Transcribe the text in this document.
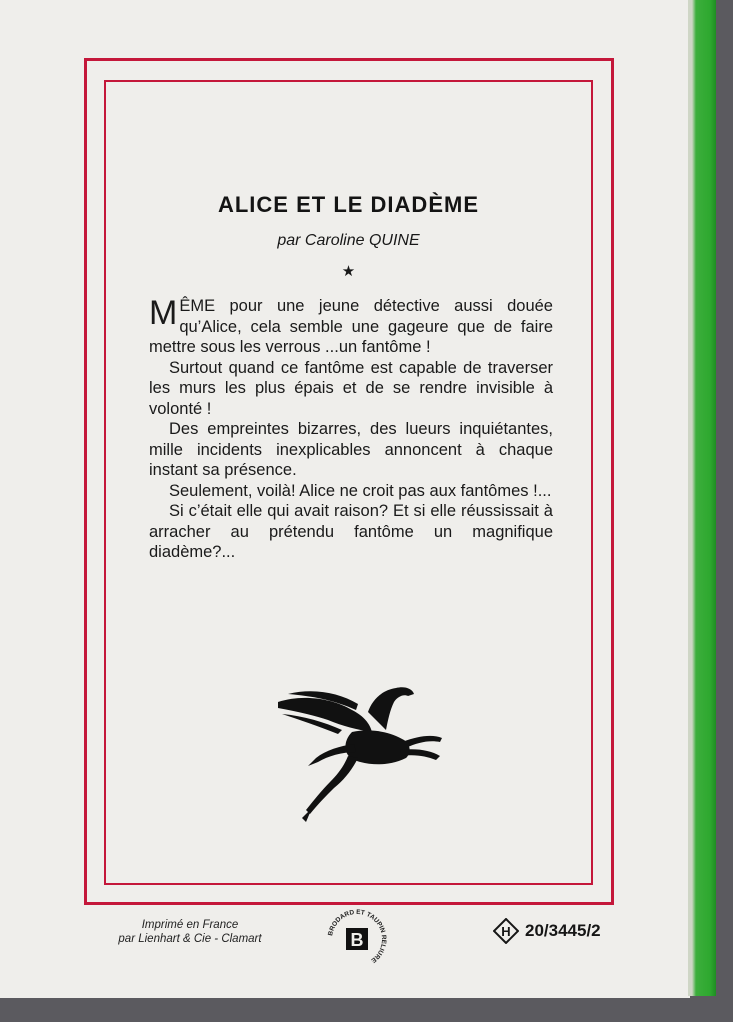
ALICE ET LE DIADÈME
par Caroline QUINE
★

MÊME pour une jeune détective aussi douée qu’Alice, cela semble une gageure que de faire mettre sous les verrous ...un fantôme !

Surtout quand ce fantôme est capable de traverser les murs les plus épais et de se rendre invisible à volonté !

Des empreintes bizarres, des lueurs inquiétantes, mille incidents inexplicables annoncent à chaque instant sa présence.

Seulement, voilà! Alice ne croit pas aux fantômes !...

Si c’était elle qui avait raison? Et si elle réussissait à arracher au prétendu fantôme un magnifique diadème?...

Imprimé en France
par Lienhart & Cie - Clamart	BRODARD ET TAUPIN RELIURE
B	H 20/3445/2
